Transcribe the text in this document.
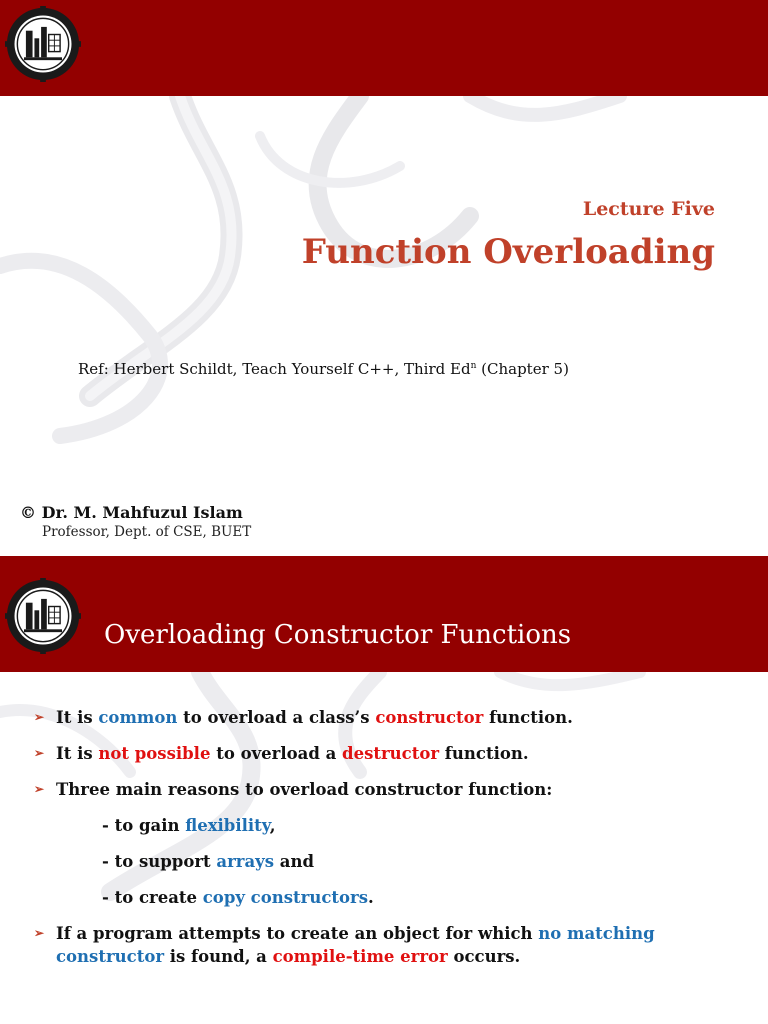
Lecture Five
Function Overloading
Ref: Herbert Schildt, Teach Yourself C++, Third Ed$^n$ (Chapter 5)
© Dr. M. Mahfuzul Islam
Professor, Dept. of CSE, BUET
Overloading Constructor Functions
➢ It is common to overload a class’s constructor function.
➢ It is not possible to overload a destructor function.
➢ Three main reasons to overload constructor function:
- to gain flexibility,
- to support arrays and
- to create copy constructors.
➢ If a program attempts to create an object for which no matching
constructor is found, a compile-time error occurs.
